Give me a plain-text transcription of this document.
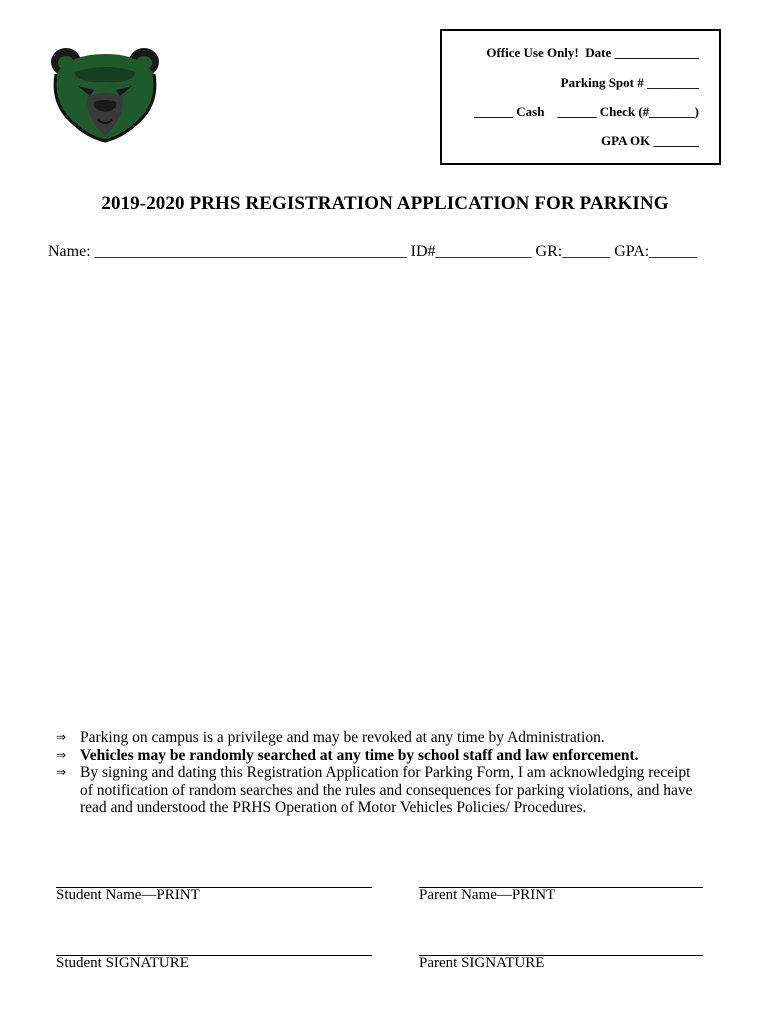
Office Use Only!  Date _____________
Parking Spot # ________
______ Cash    ______ Check (#_______)
GPA OK _______
2019-2020 PRHS REGISTRATION APPLICATION FOR PARKING
Name: _______________________________________ ID#____________ GR:______ GPA:______
⇒ Parking on campus is a privilege and may be revoked at any time by Administration.
⇒ Vehicles may be randomly searched at any time by school staff and law enforcement.
⇒ By signing and dating this Registration Application for Parking Form, I am acknowledging receipt of notification of random searches and the rules and consequences for parking violations, and have read and understood the PRHS Operation of Motor Vehicles Policies/ Procedures.
Student Name—PRINT	Parent Name—PRINT
Student SIGNATURE	Parent SIGNATURE
